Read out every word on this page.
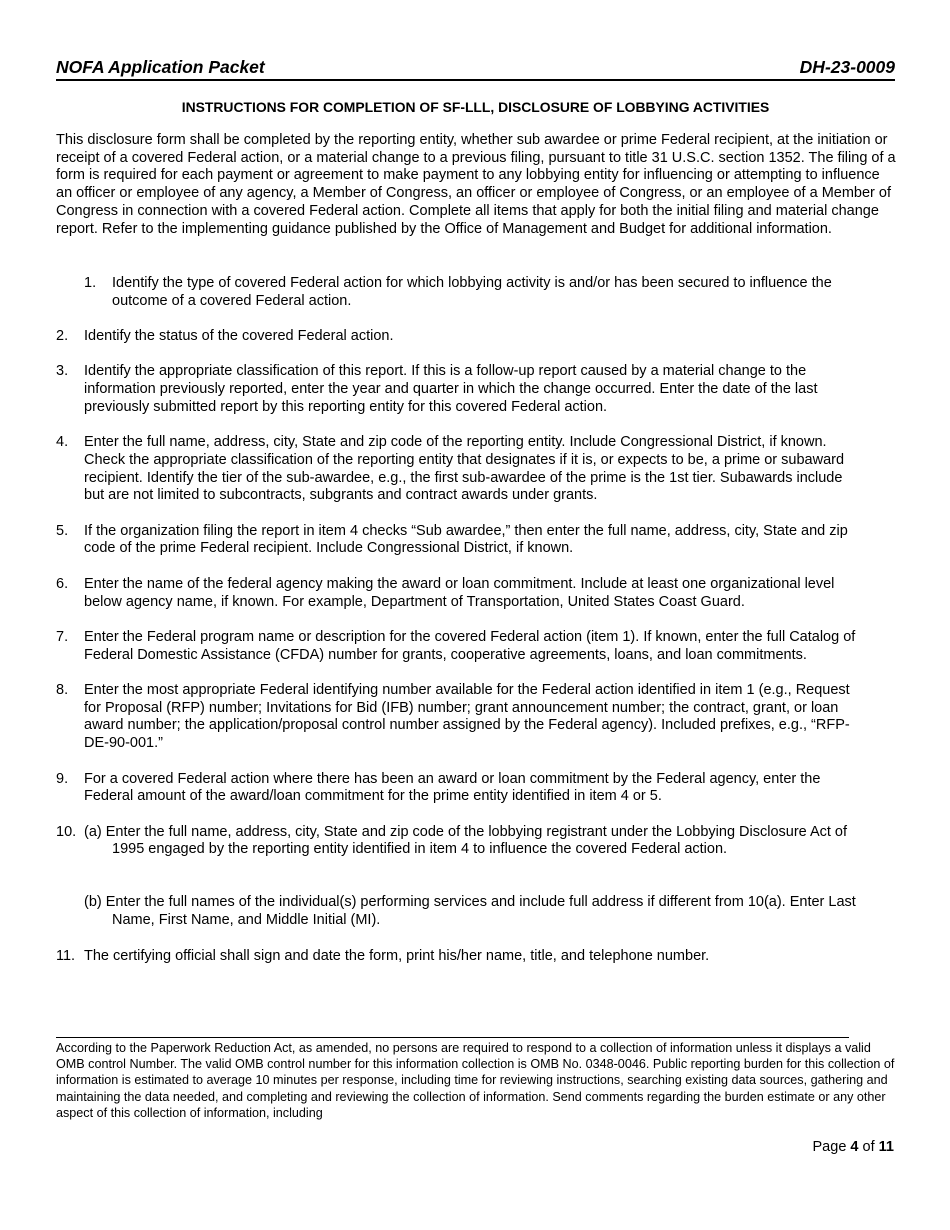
NOFA Application Packet	DH-23-0009
INSTRUCTIONS FOR COMPLETION OF SF-LLL, DISCLOSURE OF LOBBYING ACTIVITIES
This disclosure form shall be completed by the reporting entity, whether sub awardee or prime Federal recipient, at the initiation or receipt of a covered Federal action, or a material change to a previous filing, pursuant to title 31 U.S.C. section 1352. The filing of a form is required for each payment or agreement to make payment to any lobbying entity for influencing or attempting to influence an officer or employee of any agency, a Member of Congress, an officer or employee of Congress, or an employee of a Member of Congress in connection with a covered Federal action. Complete all items that apply for both the initial filing and material change report. Refer to the implementing guidance published by the Office of Management and Budget for additional information.
1.	Identify the type of covered Federal action for which lobbying activity is and/or has been secured to influence the outcome of a covered Federal action.
2.	Identify the status of the covered Federal action.
3.	Identify the appropriate classification of this report. If this is a follow-up report caused by a material change to the information previously reported, enter the year and quarter in which the change occurred. Enter the date of the last previously submitted report by this reporting entity for this covered Federal action.
4.	Enter the full name, address, city, State and zip code of the reporting entity. Include Congressional District, if known. Check the appropriate classification of the reporting entity that designates if it is, or expects to be, a prime or subaward recipient. Identify the tier of the sub-awardee, e.g., the first sub-awardee of the prime is the 1st tier. Subawards include but are not limited to subcontracts, subgrants and contract awards under grants.
5.	If the organization filing the report in item 4 checks “Sub awardee,” then enter the full name, address, city, State and zip code of the prime Federal recipient. Include Congressional District, if known.
6.	Enter the name of the federal agency making the award or loan commitment. Include at least one organizational level below agency name, if known. For example, Department of Transportation, United States Coast Guard.
7.	Enter the Federal program name or description for the covered Federal action (item 1). If known, enter the full Catalog of Federal Domestic Assistance (CFDA) number for grants, cooperative agreements, loans, and loan commitments.
8.	Enter the most appropriate Federal identifying number available for the Federal action identified in item 1 (e.g., Request for Proposal (RFP) number; Invitations for Bid (IFB) number; grant announcement number; the contract, grant, or loan award number; the application/proposal control number assigned by the Federal agency). Included prefixes, e.g., “RFP-DE-90-001.”
9.	For a covered Federal action where there has been an award or loan commitment by the Federal agency, enter the Federal amount of the award/loan commitment for the prime entity identified in item 4 or 5.
10. (a) Enter the full name, address, city, State and zip code of the lobbying registrant under the Lobbying Disclosure Act of 1995 engaged by the reporting entity identified in item 4 to influence the covered Federal action.
(b) Enter the full names of the individual(s) performing services and include full address if different from 10(a). Enter Last Name, First Name, and Middle Initial (MI).
11. The certifying official shall sign and date the form, print his/her name, title, and telephone number.
According to the Paperwork Reduction Act, as amended, no persons are required to respond to a collection of information unless it displays a valid OMB control Number. The valid OMB control number for this information collection is OMB No. 0348-0046. Public reporting burden for this collection of information is estimated to average 10 minutes per response, including time for reviewing instructions, searching existing data sources, gathering and maintaining the data needed, and completing and reviewing the collection of information. Send comments regarding the burden estimate or any other aspect of this collection of information, including
Page 4 of 11
